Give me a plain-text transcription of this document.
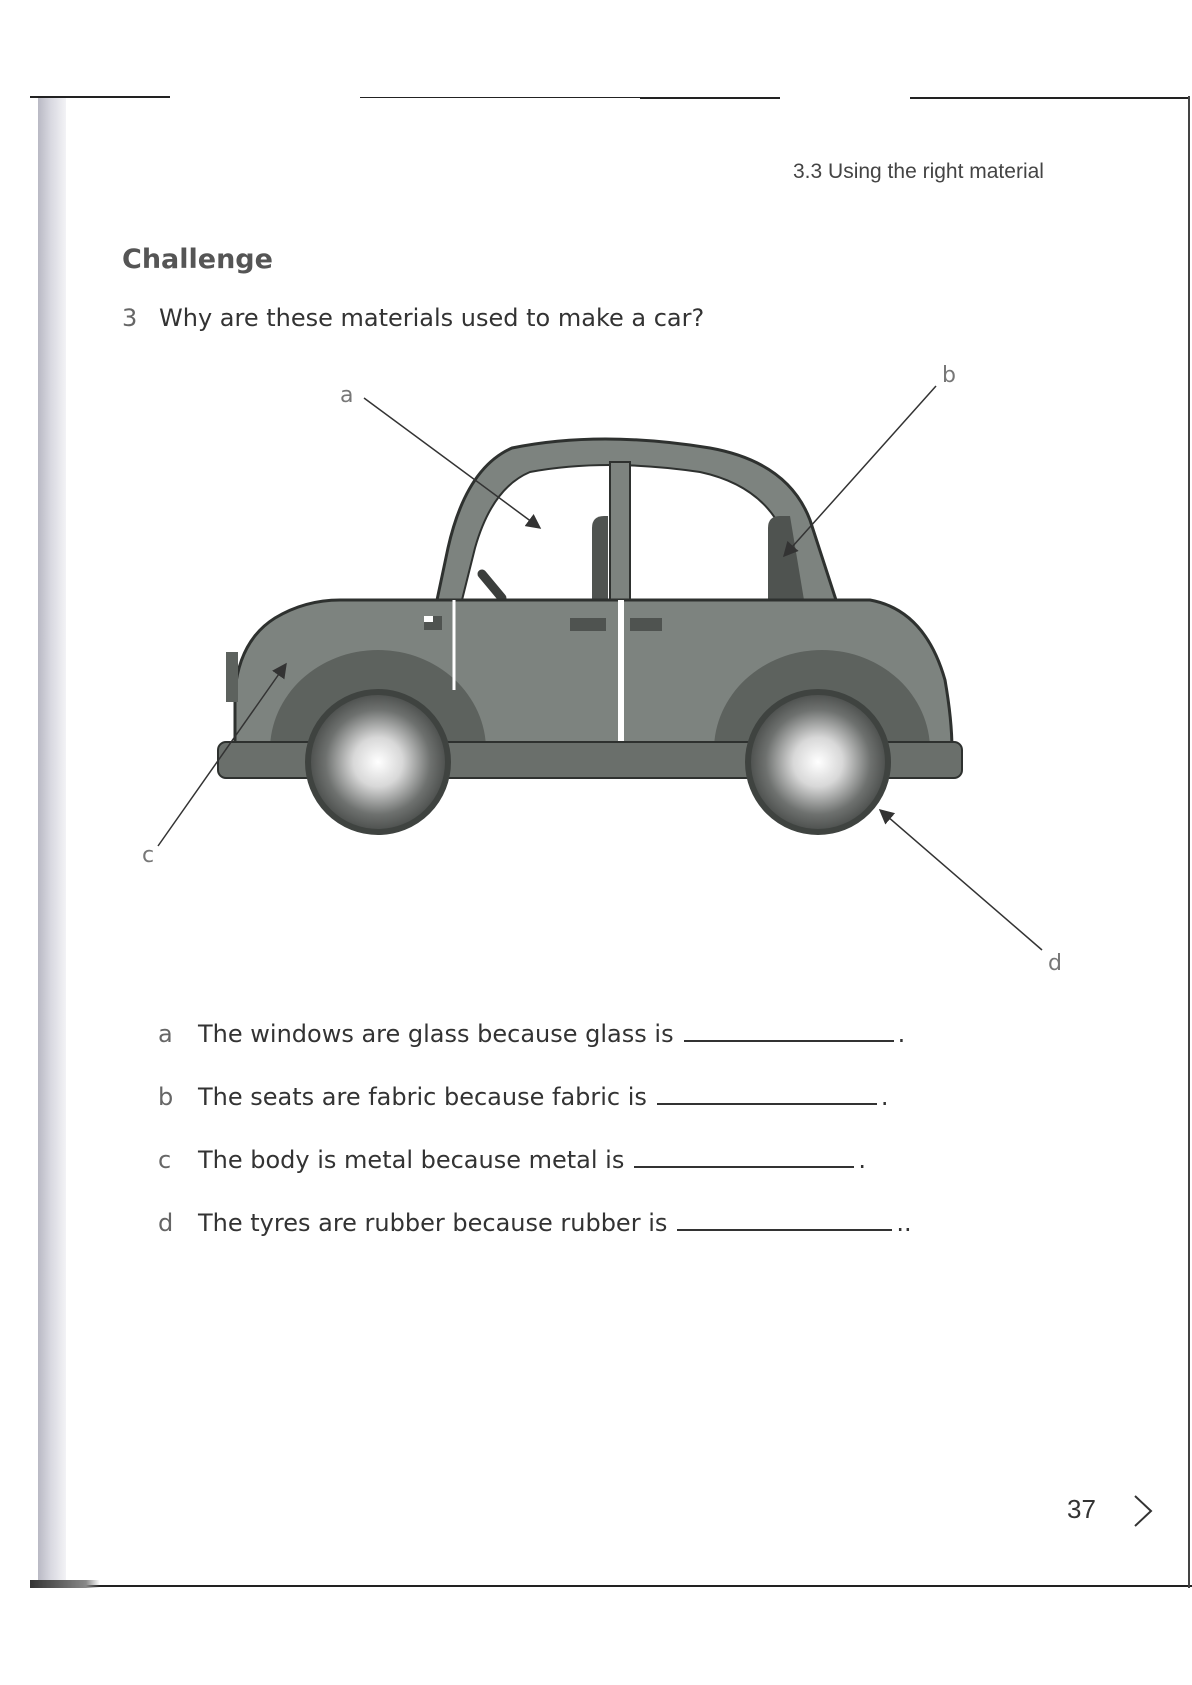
3.3 Using the right material
Challenge
3 Why are these materials used to make a car?
a
b
c
d
a The windows are glass because glass is	.
b The seats are fabric because fabric is	.
c The body is metal because metal is	.
d The tyres are rubber because rubber is	..
37
